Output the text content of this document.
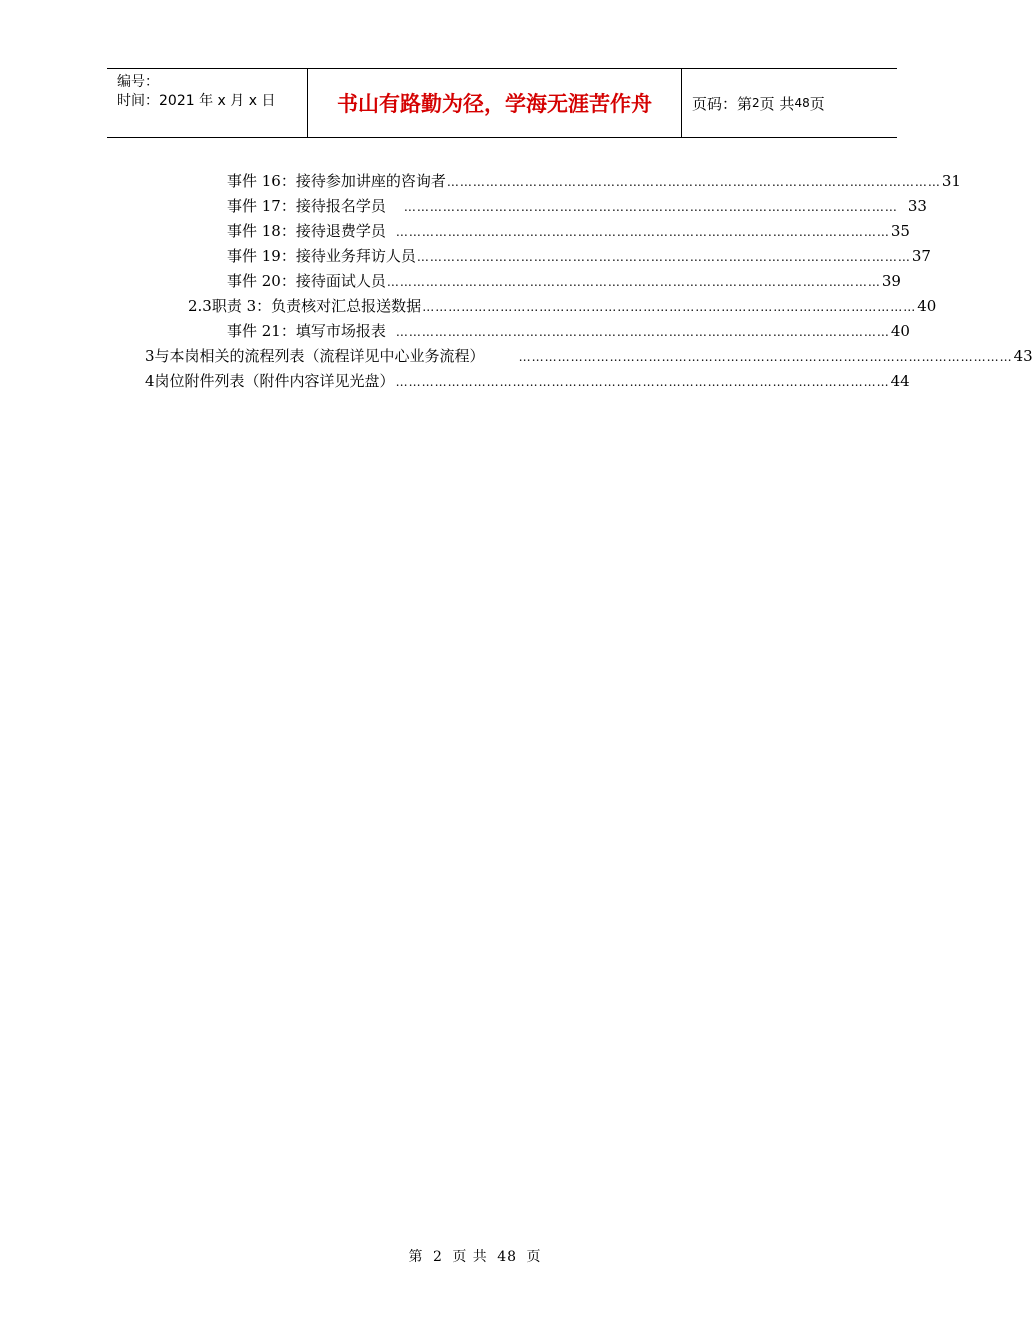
编号：
时间：2021 年 x 月 x 日	书山有路勤为径，学海无涯苦作舟	页码：第 2 页 共 48 页
事件 16： 接待参加讲座的咨询者 …………………………………………………………………………………………………… 31
事件 17： 接待报名学员 …………………………………………………………………………………………………… 33
事件 18： 接待退费学员 …………………………………………………………………………………………………… 35
事件 19： 接待业务拜访人员 …………………………………………………………………………………………………… 37
事件 20： 接待面试人员 …………………………………………………………………………………………………… 39
2.3 职责 3：负责核对汇总报送数据 …………………………………………………………………………………………………… 40
事件 21： 填写市场报表 …………………………………………………………………………………………………… 40
3 与本岗相关的流程列表（流程详见中心业务流程）	…………………………………………………………………………………………………… 43
4 岗位附件列表（附件内容详见光盘） …………………………………………………………………………………………………… 44
第 2 页 共 48 页
